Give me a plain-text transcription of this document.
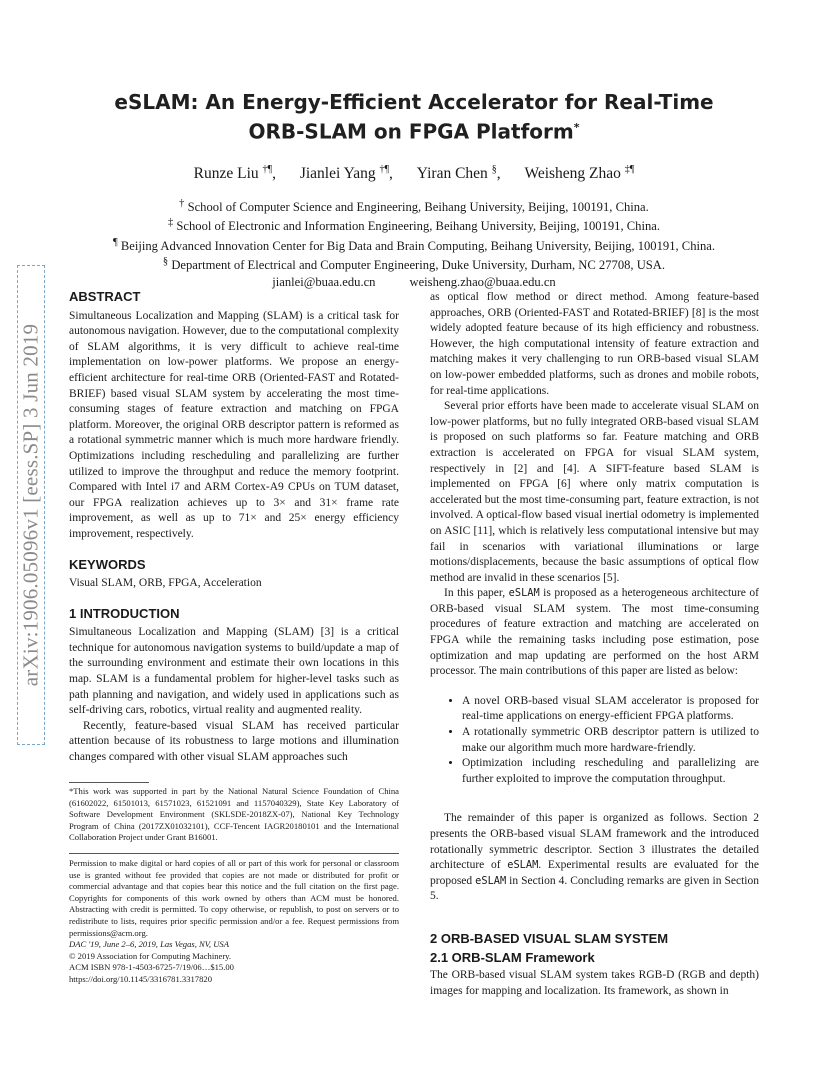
eSLAM: An Energy-Efficient Accelerator for Real-Time
ORB-SLAM on FPGA Platform*
Runze Liu †¶, Jianlei Yang †¶, Yiran Chen §, Weisheng Zhao ‡¶
† School of Computer Science and Engineering, Beihang University, Beijing, 100191, China.
‡ School of Electronic and Information Engineering, Beihang University, Beijing, 100191, China.
¶ Beijing Advanced Innovation Center for Big Data and Brain Computing, Beihang University, Beijing, 100191, China.
§ Department of Electrical and Computer Engineering, Duke University, Durham, NC 27708, USA.
jianlei@buaa.edu.cn	weisheng.zhao@buaa.edu.cn
arXiv:1906.05096v1 [eess.SP] 3 Jun 2019
ABSTRACT

Simultaneous Localization and Mapping (SLAM) is a critical task for autonomous navigation. However, due to the computational complexity of SLAM algorithms, it is very difficult to achieve real-time implementation on low-power platforms. We propose an energy-efficient architecture for real-time ORB (Oriented-FAST and Rotated-BRIEF) based visual SLAM system by accelerating the most time-consuming stages of feature extraction and matching on FPGA platform. Moreover, the original ORB descriptor pattern is reformed as a rotational symmetric manner which is much more hardware friendly. Optimizations including rescheduling and parallelizing are further utilized to improve the throughput and reduce the memory footprint. Compared with Intel i7 and ARM Cortex-A9 CPUs on TUM dataset, our FPGA realization achieves up to 3× and 31× frame rate improvement, as well as up to 71× and 25× energy efficiency improvement, respectively.

KEYWORDS

Visual SLAM, ORB, FPGA, Acceleration

1 INTRODUCTION

Simultaneous Localization and Mapping (SLAM) [3] is a critical technique for autonomous navigation systems to build/update a map of the surrounding environment and estimate their own locations in this map. SLAM is a fundamental problem for higher-level tasks such as path planning and navigation, and widely used in applications such as self-driving cars, robotics, virtual reality and augmented reality.

Recently, feature-based visual SLAM has received particular attention because of its robustness to large motions and illumination changes compared with other visual SLAM approaches such

*This work was supported in part by the National Natural Science Foundation of China (61602022, 61501013, 61571023, 61521091 and 1157040329), State Key Laboratory of Software Development Environment (SKLSDE-2018ZX-07), National Key Technology Program of China (2017ZX01032101), CCF-Tencent IAGR20180101 and the International Collaboration Project under Grant B16001.

Permission to make digital or hard copies of all or part of this work for personal or classroom use is granted without fee provided that copies are not made or distributed for profit or commercial advantage and that copies bear this notice and the full citation on the first page. Copyrights for components of this work owned by others than ACM must be honored. Abstracting with credit is permitted. To copy otherwise, or republish, to post on servers or to redistribute to lists, requires prior specific permission and/or a fee. Request permissions from permissions@acm.org.

DAC '19, June 2–6, 2019, Las Vegas, NV, USA

© 2019 Association for Computing Machinery.

ACM ISBN 978-1-4503-6725-7/19/06…$15.00

https://doi.org/10.1145/3316781.3317820

as optical flow method or direct method. Among feature-based approaches, ORB (Oriented-FAST and Rotated-BRIEF) [8] is the most widely adopted feature because of its high efficiency and robustness. However, the high computational intensity of feature extraction and matching makes it very challenging to run ORB-based visual SLAM on low-power embedded platforms, such as drones and mobile robots, for real-time applications.

Several prior efforts have been made to accelerate visual SLAM on low-power platforms, but no fully integrated ORB-based visual SLAM is proposed on such platforms so far. Feature matching and ORB extraction is accelerated on FPGA for visual SLAM system, respectively in [2] and [4]. A SIFT-feature based SLAM is implemented on FPGA [6] where only matrix computation is accelerated but the most time-consuming part, feature extraction, is not involved. A optical-flow based visual inertial odometry is implemented on ASIC [11], which is relatively less computational intensive but may fail in scenarios with variational illuminations or large motions/displacements, because the basic assumptions of optical flow method are invalid in these scenarios [5].

In this paper, eSLAM is proposed as a heterogeneous architecture of ORB-based visual SLAM system. The most time-consuming procedures of feature extraction and matching are accelerated on FPGA while the remaining tasks including pose estimation, pose optimization and map updating are performed on the host ARM processor. The main contributions of this paper are listed as below:

• A novel ORB-based visual SLAM accelerator is proposed for real-time applications on energy-efficient FPGA platforms.
• A rotationally symmetric ORB descriptor pattern is utilized to make our algorithm much more hardware-friendly.
• Optimization including rescheduling and parallelizing are further exploited to improve the computation throughput.

The remainder of this paper is organized as follows. Section 2 presents the ORB-based visual SLAM framework and the introduced rotationally symmetric descriptor. Section 3 illustrates the detailed architecture of eSLAM. Experimental results are evaluated for the proposed eSLAM in Section 4. Concluding remarks are given in Section 5.

2 ORB-BASED VISUAL SLAM SYSTEM
2.1 ORB-SLAM Framework

The ORB-based visual SLAM system takes RGB-D (RGB and depth) images for mapping and localization. Its framework, as shown in
